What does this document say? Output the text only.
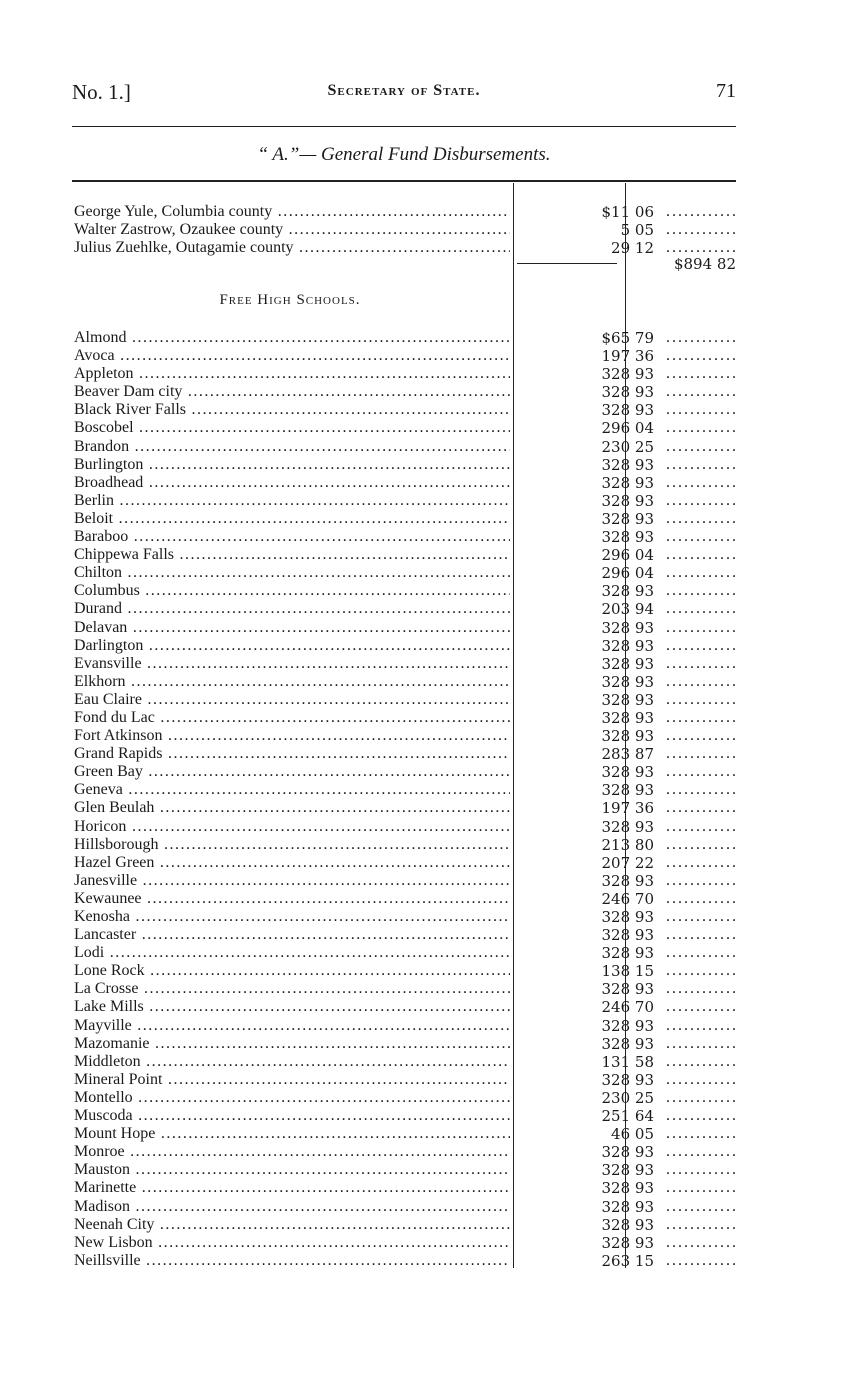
No. 1.]	Secretary of State.	71
“ A.”— General Fund Disbursements.
George Yule, Columbia county .....	$11 06 ............
Walter Zastrow, Ozaukee county .....	5 05 ............
Julius Zuehlke, Outagamie county .....	29 12 ............
$894 82
Free High Schools.
Almond .....	$65 79 ............
Avoca .....	197 36 ............
Appleton .....	328 93 ............
Beaver Dam city .....	328 93 ............
Black River Falls .....	328 93 ............
Boscobel .....	296 04 ............
Brandon .....	230 25 ............
Burlington .....	328 93 ............
Broadhead .....	328 93 ............
Berlin .....	328 93 ............
Beloit .....	328 93 ............
Baraboo .....	328 93 ............
Chippewa Falls .....	296 04 ............
Chilton .....	296 04 ............
Columbus .....	328 93 ............
Durand .....	203 94 ............
Delavan .....	328 93 ............
Darlington .....	328 93 ............
Evansville .....	328 93 ............
Elkhorn .....	328 93 ............
Eau Claire .....	328 93 ............
Fond du Lac .....	328 93 ............
Fort Atkinson .....	328 93 ............
Grand Rapids .....	283 87 ............
Green Bay .....	328 93 ............
Geneva .....	328 93 ............
Glen Beulah .....	197 36 ............
Horicon .....	328 93 ............
Hillsborough .....	213 80 ............
Hazel Green .....	207 22 ............
Janesville .....	328 93 ............
Kewaunee .....	246 70 ............
Kenosha .....	328 93 ............
Lancaster .....	328 93 ............
Lodi .....	328 93 ............
Lone Rock .....	138 15 ............
La Crosse .....	328 93 ............
Lake Mills .....	246 70 ............
Mayville .....	328 93 ............
Mazomanie .....	328 93 ............
Middleton .....	131 58 ............
Mineral Point .....	328 93 ............
Montello .....	230 25 ............
Muscoda .....	251 64 ............
Mount Hope .....	46 05 ............
Monroe .....	328 93 ............
Mauston .....	328 93 ............
Marinette .....	328 93 ............
Madison .....	328 93 ............
Neenah City .....	328 93 ............
New Lisbon .....	328 93 ............
Neillsville .....	263 15 ............
